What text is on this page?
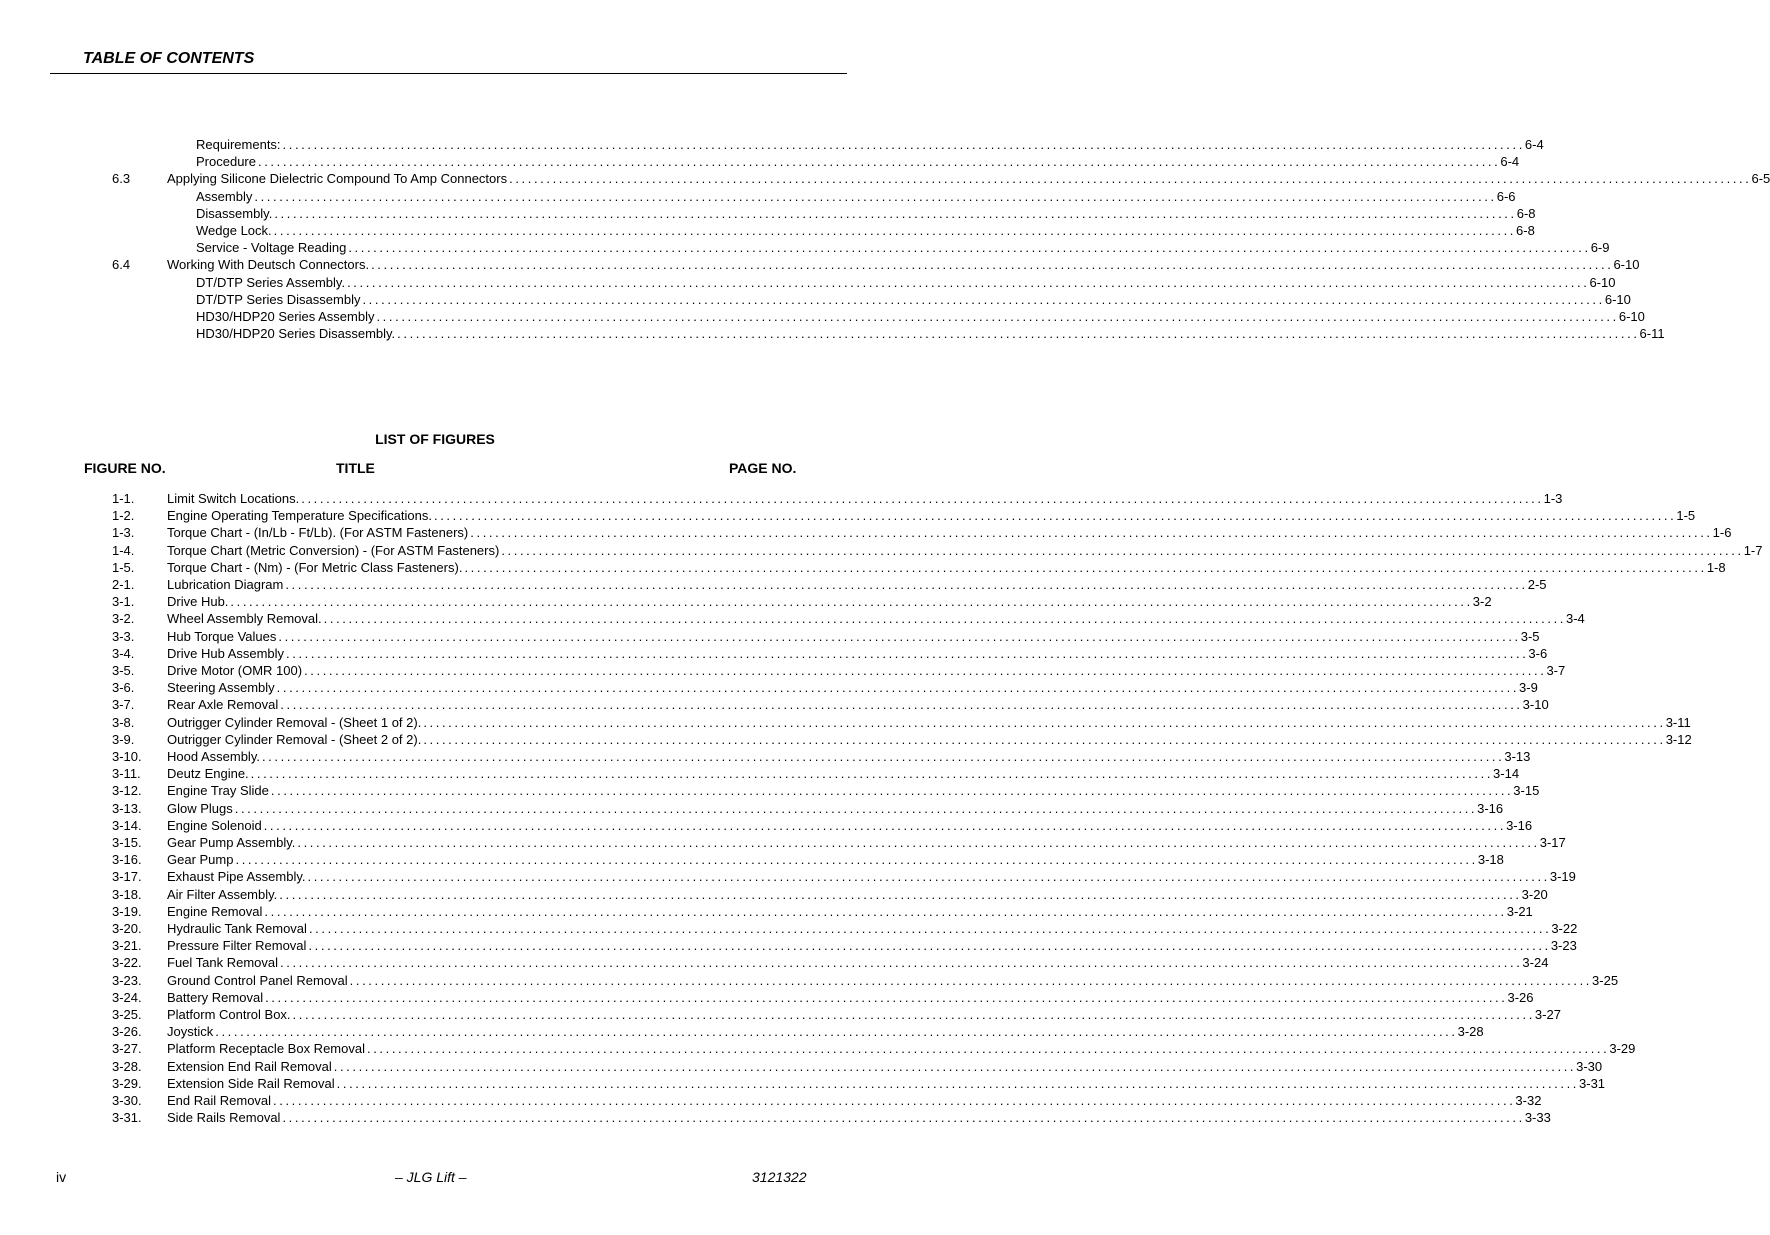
TABLE OF CONTENTS
Requirements: ........................................................................................................................................................................................................ 6-4
Procedure ........................................................................................................................................................................................................ 6-4
6.3	Applying Silicone Dielectric Compound To Amp Connectors ........................................................................................................................................................................................................ 6-5
Assembly ........................................................................................................................................................................................................ 6-6
Disassembly. ........................................................................................................................................................................................................ 6-8
Wedge Lock. ........................................................................................................................................................................................................ 6-8
Service - Voltage Reading ........................................................................................................................................................................................................ 6-9
6.4	Working With Deutsch Connectors. ........................................................................................................................................................................................................ 6-10
DT/DTP Series Assembly. ........................................................................................................................................................................................................ 6-10
DT/DTP Series Disassembly ........................................................................................................................................................................................................ 6-10
HD30/HDP20 Series Assembly ........................................................................................................................................................................................................ 6-10
HD30/HDP20 Series Disassembly. ........................................................................................................................................................................................................ 6-11
LIST OF FIGURES
FIGURE NO.	TITLE	PAGE NO.
1-1.	Limit Switch Locations. ........................................................................................................................................................................................................ 1-3
1-2.	Engine Operating Temperature Specifications. ........................................................................................................................................................................................................ 1-5
1-3.	Torque Chart - (In/Lb - Ft/Lb). (For ASTM Fasteners) ........................................................................................................................................................................................................ 1-6
1-4.	Torque Chart (Metric Conversion) - (For ASTM Fasteners) ........................................................................................................................................................................................................ 1-7
1-5.	Torque Chart - (Nm) - (For Metric Class Fasteners). ........................................................................................................................................................................................................ 1-8
2-1.	Lubrication Diagram ........................................................................................................................................................................................................ 2-5
3-1.	Drive Hub. ........................................................................................................................................................................................................ 3-2
3-2.	Wheel Assembly Removal. ........................................................................................................................................................................................................ 3-4
3-3.	Hub Torque Values ........................................................................................................................................................................................................ 3-5
3-4.	Drive Hub Assembly ........................................................................................................................................................................................................ 3-6
3-5.	Drive Motor (OMR 100) ........................................................................................................................................................................................................ 3-7
3-6.	Steering Assembly ........................................................................................................................................................................................................ 3-9
3-7.	Rear Axle Removal ........................................................................................................................................................................................................ 3-10
3-8.	Outrigger Cylinder Removal - (Sheet 1 of 2). ........................................................................................................................................................................................................ 3-11
3-9.	Outrigger Cylinder Removal - (Sheet 2 of 2). ........................................................................................................................................................................................................ 3-12
3-10. Hood Assembly. ........................................................................................................................................................................................................ 3-13
3-11. Deutz Engine. ........................................................................................................................................................................................................ 3-14
3-12. Engine Tray Slide ........................................................................................................................................................................................................ 3-15
3-13. Glow Plugs ........................................................................................................................................................................................................ 3-16
3-14. Engine Solenoid ........................................................................................................................................................................................................ 3-16
3-15. Gear Pump Assembly. ........................................................................................................................................................................................................ 3-17
3-16. Gear Pump ........................................................................................................................................................................................................ 3-18
3-17. Exhaust Pipe Assembly. ........................................................................................................................................................................................................ 3-19
3-18. Air Filter Assembly. ........................................................................................................................................................................................................ 3-20
3-19. Engine Removal ........................................................................................................................................................................................................ 3-21
3-20. Hydraulic Tank Removal ........................................................................................................................................................................................................ 3-22
3-21. Pressure Filter Removal ........................................................................................................................................................................................................ 3-23
3-22. Fuel Tank Removal ........................................................................................................................................................................................................ 3-24
3-23. Ground Control Panel Removal ........................................................................................................................................................................................................ 3-25
3-24. Battery Removal ........................................................................................................................................................................................................ 3-26
3-25. Platform Control Box. ........................................................................................................................................................................................................ 3-27
3-26. Joystick ........................................................................................................................................................................................................ 3-28
3-27. Platform Receptacle Box Removal ........................................................................................................................................................................................................ 3-29
3-28. Extension End Rail Removal ........................................................................................................................................................................................................ 3-30
3-29. Extension Side Rail Removal ........................................................................................................................................................................................................ 3-31
3-30. End Rail Removal ........................................................................................................................................................................................................ 3-32
3-31. Side Rails Removal ........................................................................................................................................................................................................ 3-33
iv	– JLG Lift –	3121322
